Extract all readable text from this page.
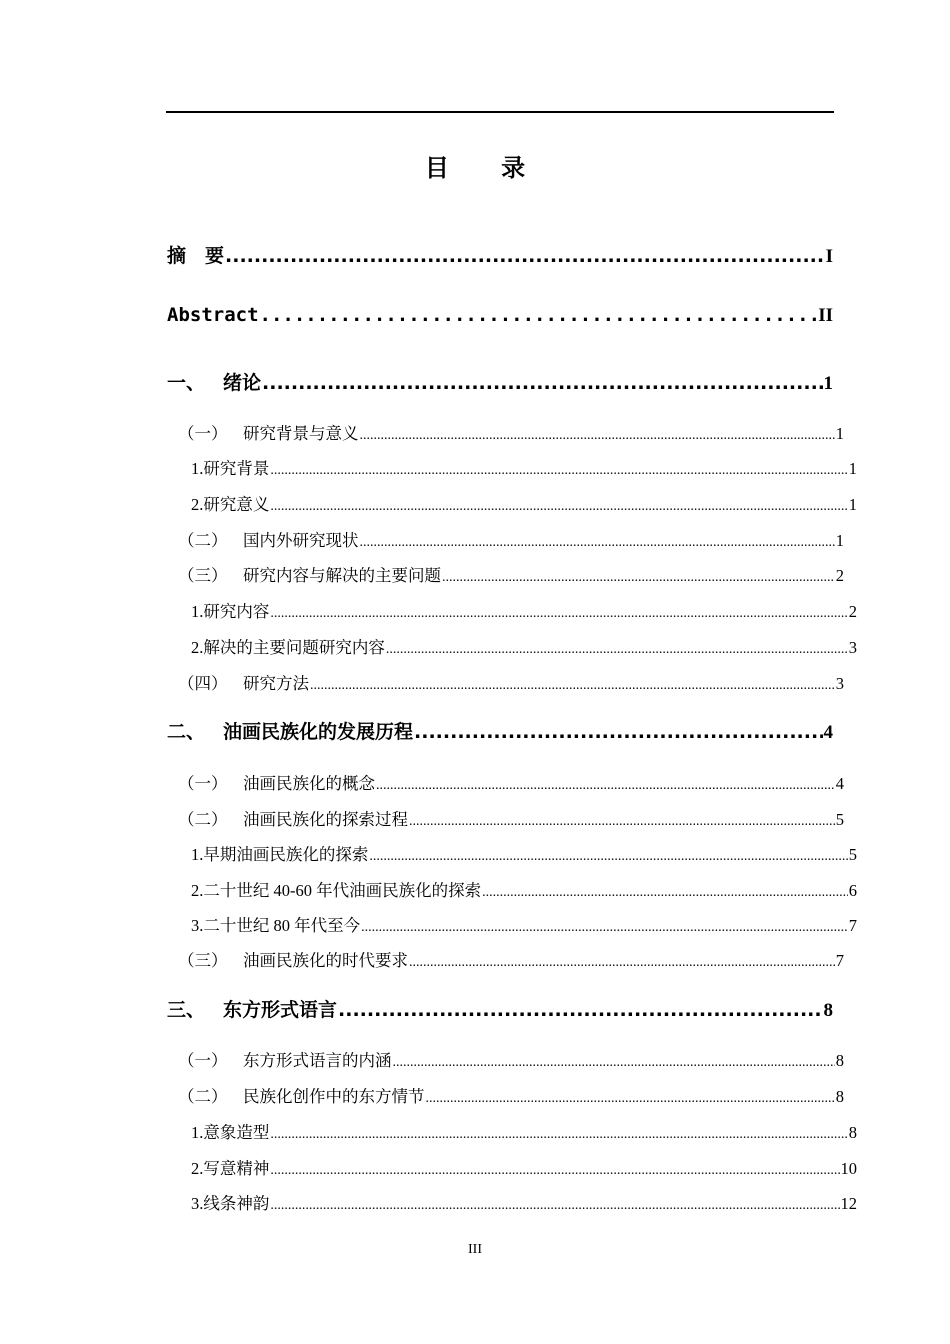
目 录
摘　要 .....	I
Abstract .....	II
一、 绪论 .....	1
（一） 研究背景与意义 .....	1
1. 研究背景 .....	1
2. 研究意义 .....	1
（二） 国内外研究现状 .....	1
（三） 研究内容与解决的主要问题 .....	2
1. 研究内容 .....	2
2. 解决的主要问题研究内容 .....	3
（四） 研究方法 .....	3
二、 油画民族化的发展历程 .....	4
（一） 油画民族化的概念 .....	4
（二） 油画民族化的探索过程 .....	5
1. 早期油画民族化的探索 .....	5
2. 二十世纪 40-60 年代油画民族化的探索 .....	6
3. 二十世纪 80 年代至今 .....	7
（三） 油画民族化的时代要求 .....	7
三、 东方形式语言 .....	8
（一） 东方形式语言的内涵 .....	8
（二） 民族化创作中的东方情节 .....	8
1. 意象造型 .....	8
2. 写意精神 .....	10
3. 线条神韵 .....	12
III
